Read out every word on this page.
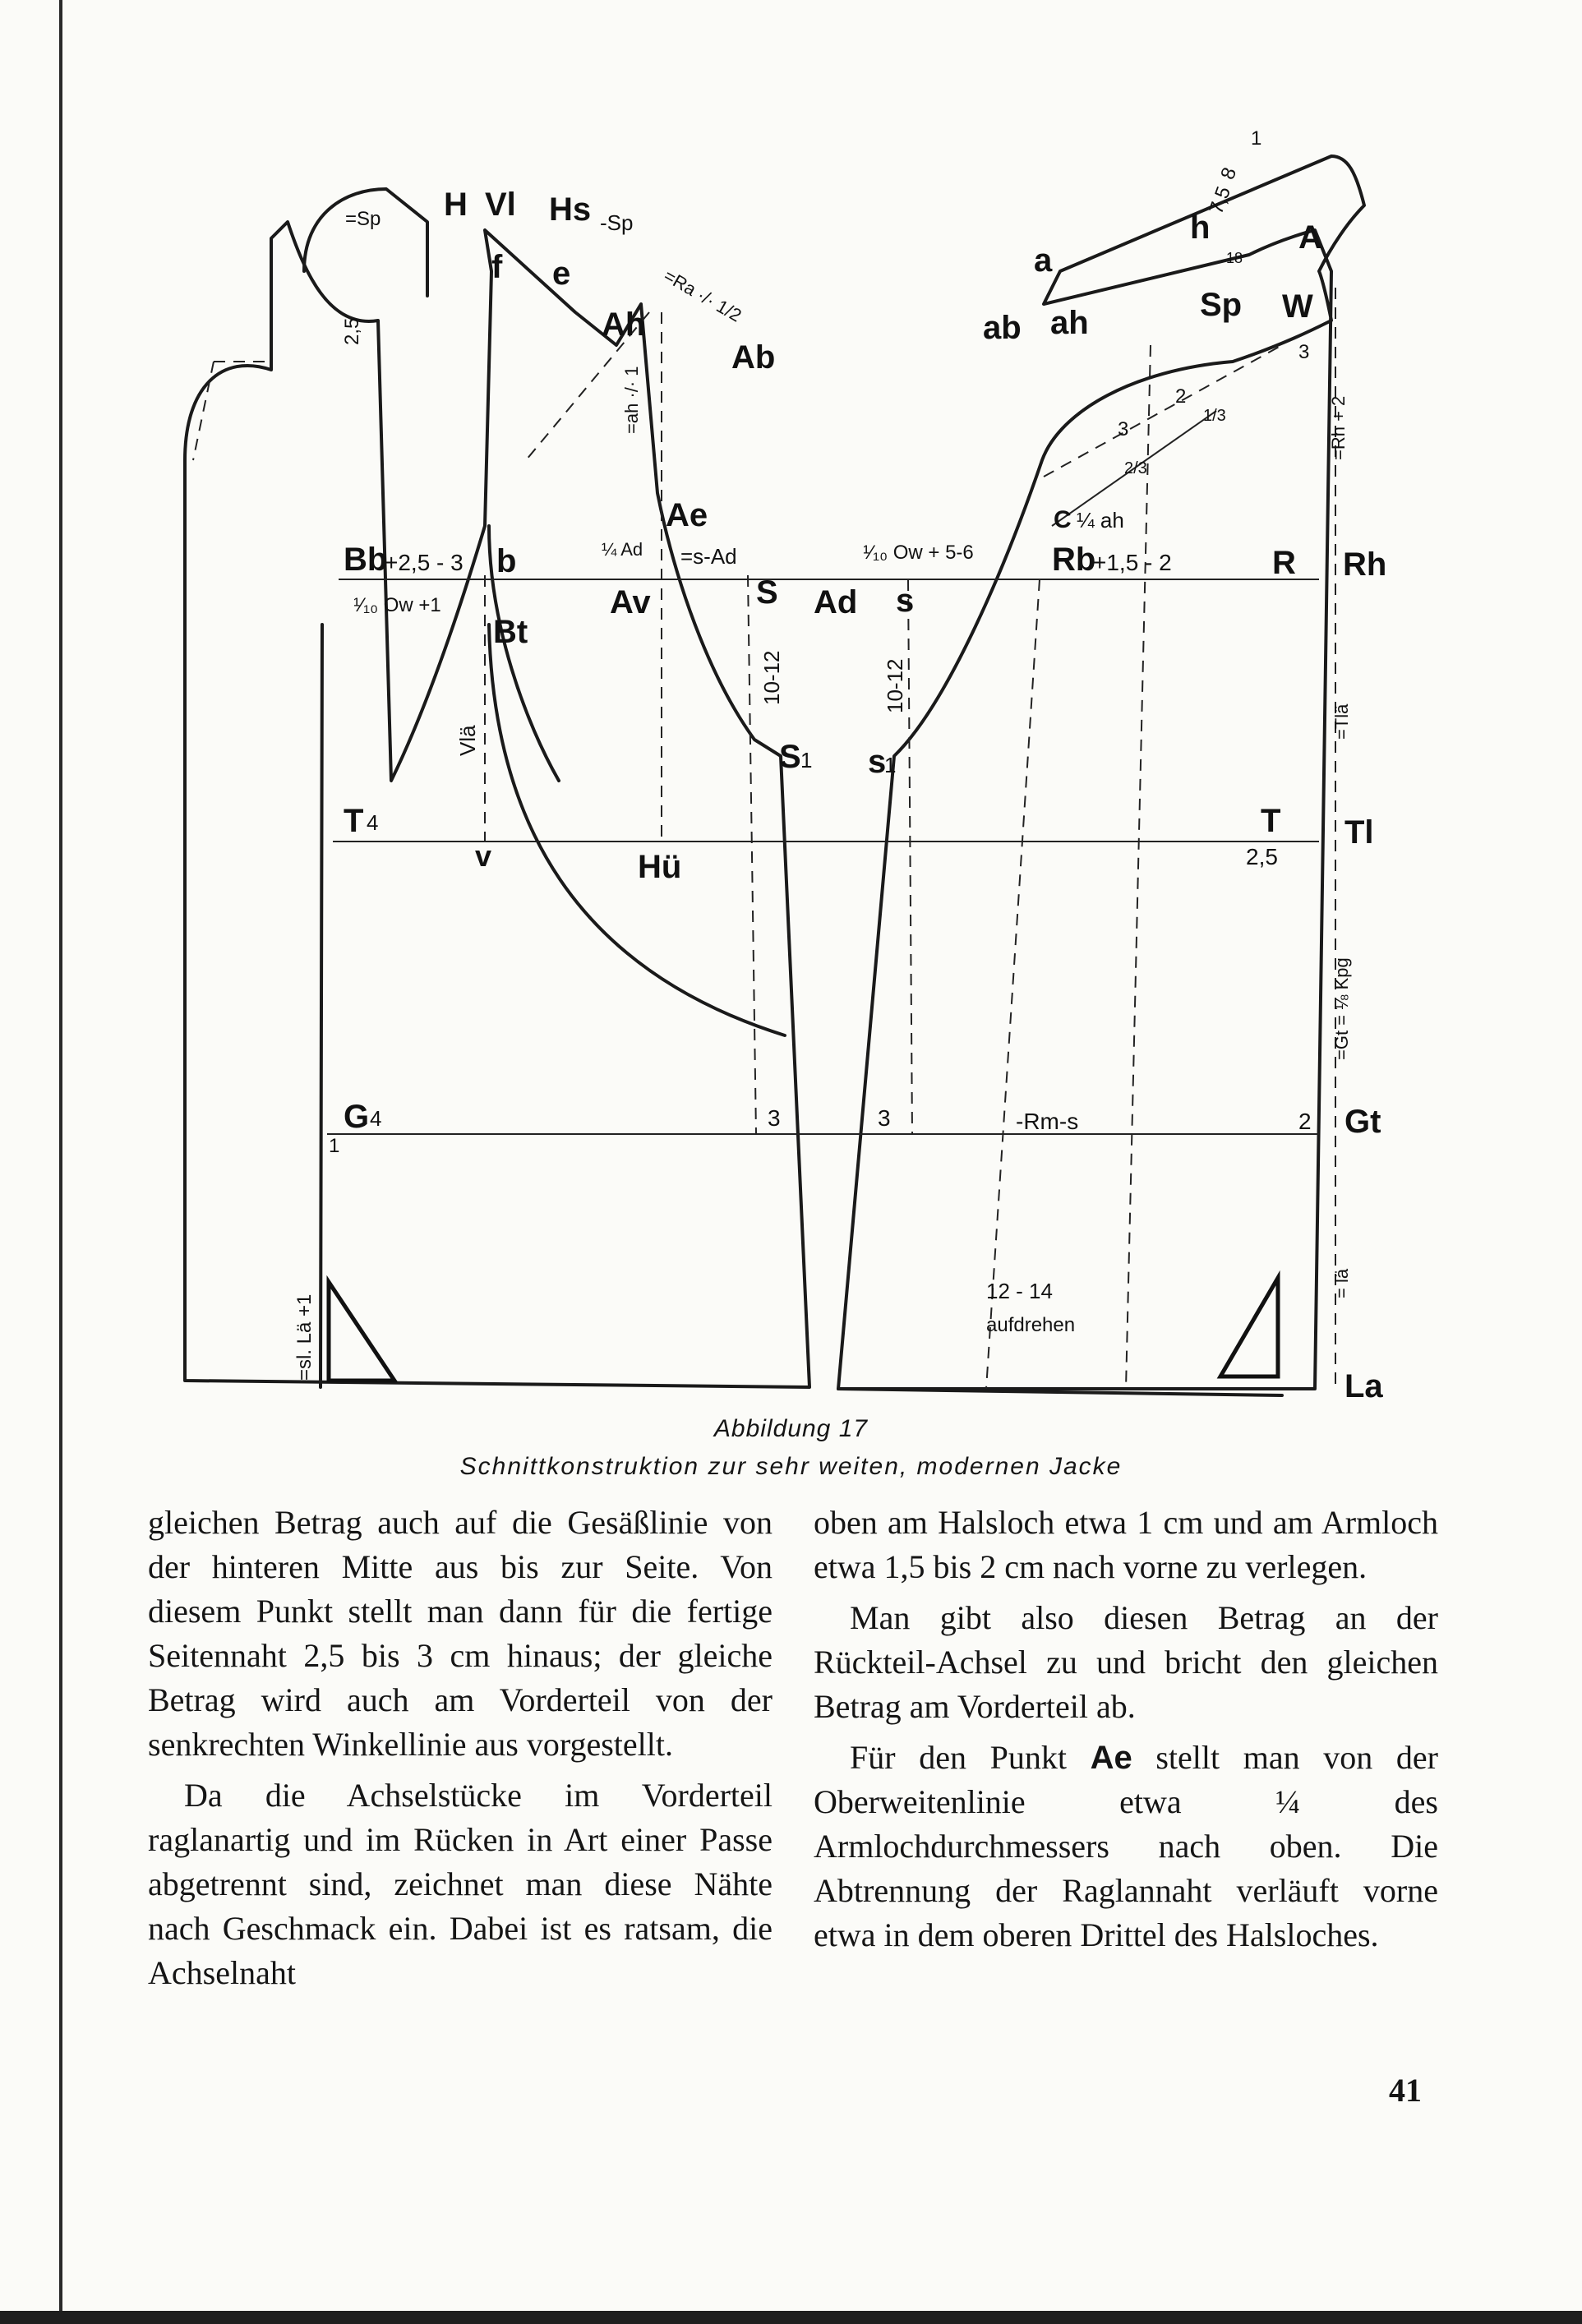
H Vl Hs -Sp
f e
Ah
Ab
=Ra ·/· 1/2
=Sp
2,5
=ah ·/· 1
Ae
¼ Ad =s-Ad
Bb
+2,5 - 3 b
¹⁄₁₀ Ow +1
Bt
Av	S Ad s
S 1 s
1
10-12	10-12
Vlä
T 4
v	Hü
T
2,5
Tl
G 4
1
3	3	-Rm-s	2 Gt
=sl. Lä +1
12 - 14
aufdrehen
La
=Gt = ⅛ Kpg
= lä
=Tlä
¹⁄₁₀ Ow + 5-6 Rb
+1,5 - 2	R Rh
C ¼ ah
a
ab ah	Sp
h	A
W
=Rh + 2
1
7,5
8
3
3
2
1/3
2/3
18
Abbildung 17
Schnittkonstruktion zur sehr weiten, modernen Jacke

gleichen Betrag auch auf die Gesäßlinie von der hinteren Mitte aus bis zur Seite. Von diesem Punkt stellt man dann für die fertige Seitennaht 2,5 bis 3 cm hinaus; der gleiche Betrag wird auch am Vorderteil von der senkrechten Winkellinie aus vorgestellt.

Da die Achselstücke im Vorderteil raglanartig und im Rücken in Art einer Passe abgetrennt sind, zeichnet man diese Nähte nach Geschmack ein. Dabei ist es ratsam, die Achselnaht

oben am Halsloch etwa 1 cm und am Armloch etwa 1,5 bis 2 cm nach vorne zu verlegen.

Man gibt also diesen Betrag an der Rückteil-Achsel zu und bricht den gleichen Betrag am Vorderteil ab.

Für den Punkt Ae stellt man von der Oberweitenlinie etwa ¼ des Armlochdurchmessers nach oben. Die Abtrennung der Raglannaht verläuft vorne etwa in dem oberen Drittel des Halsloches.

41
